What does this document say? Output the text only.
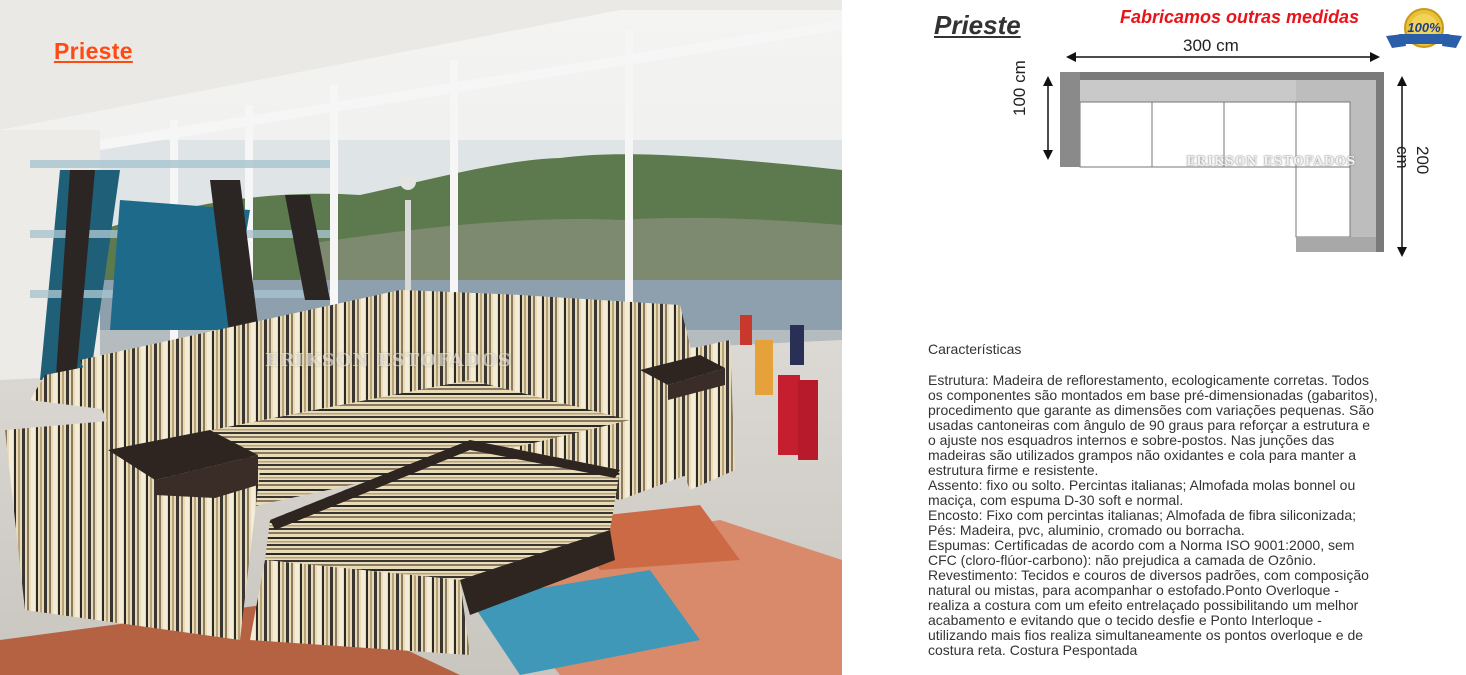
Prieste
ERIKSON ESTOFADOS
Prieste	Fabricamos outras medidas
100%
300 cm
100 cm
200 cm
ERIKSON ESTOFADOS
Características
Estrutura: Madeira de reflorestamento, ecologicamente corretas. Todos
os componentes são montados em base pré-dimensionadas (gabaritos),
procedimento que garante as dimensões com variações pequenas. São
usadas cantoneiras com ângulo de 90 graus para reforçar a estrutura e
o ajuste nos esquadros internos e sobre-postos. Nas junções das
madeiras são utilizados grampos não oxidantes e cola para manter a
estrutura firme e resistente.
Assento: fixo ou solto. Percintas italianas; Almofada molas bonnel ou
maciça, com espuma D-30 soft e normal.
Encosto: Fixo com percintas italianas; Almofada de fibra siliconizada;
Pés: Madeira, pvc, aluminio, cromado ou borracha.
Espumas: Certificadas de acordo com a Norma ISO 9001:2000, sem
CFC (cloro-flúor-carbono): não prejudica a camada de Ozônio.
Revestimento: Tecidos e couros de diversos padrões, com composição
natural ou mistas, para acompanhar o estofado.Ponto Overloque -
realiza a costura com um efeito entrelaçado possibilitando um melhor
acabamento e evitando que o tecido desfie e Ponto Interloque -
utilizando mais fios realiza simultaneamente os pontos overloque e de
costura reta. Costura Pespontada
